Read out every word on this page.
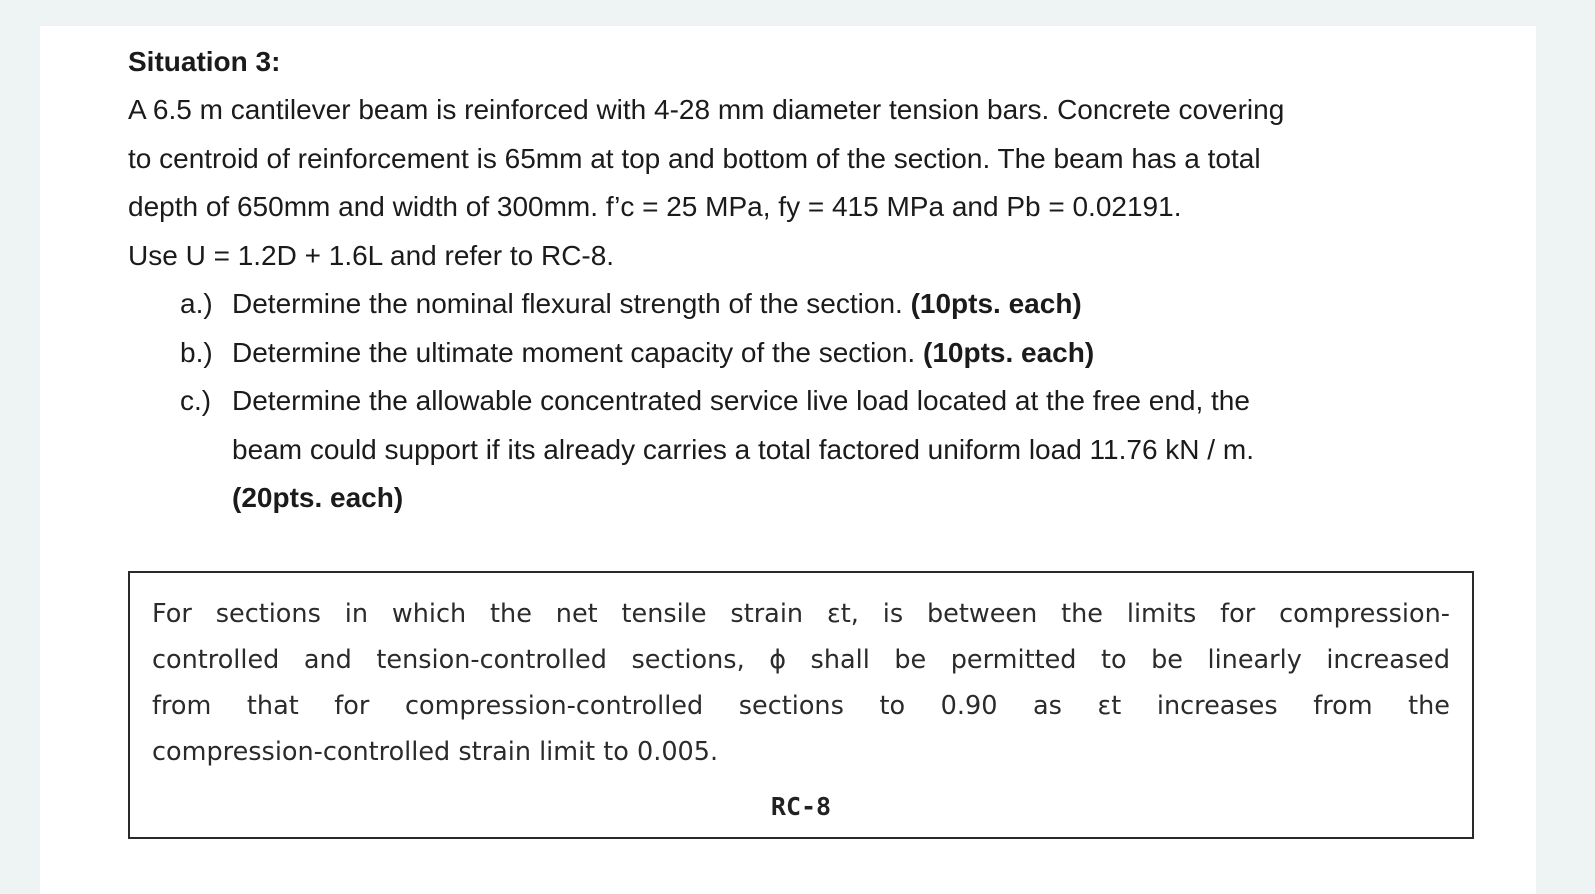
Situation 3:
A 6.5 m cantilever beam is reinforced with 4-28 mm diameter tension bars. Concrete covering
to centroid of reinforcement is 65mm at top and bottom of the section. The beam has a total
depth of 650mm and width of 300mm. f’c = 25 MPa, fy = 415 MPa and Pb = 0.02191.
Use U = 1.2D + 1.6L and refer to RC-8.
a.) Determine the nominal flexural strength of the section. (10pts. each)
b.) Determine the ultimate moment capacity of the section. (10pts. each)
c.) Determine the allowable concentrated service live load located at the free end, the
beam could support if its already carries a total factored uniform load 11.76 kN / m.
(20pts. each)
For sections in which the net tensile strain εt, is between the limits for compression-
controlled and tension-controlled sections, ϕ shall be permitted to be linearly increased
from that for compression-controlled sections to 0.90 as εt increases from the
compression-controlled strain limit to 0.005.
RC-8
